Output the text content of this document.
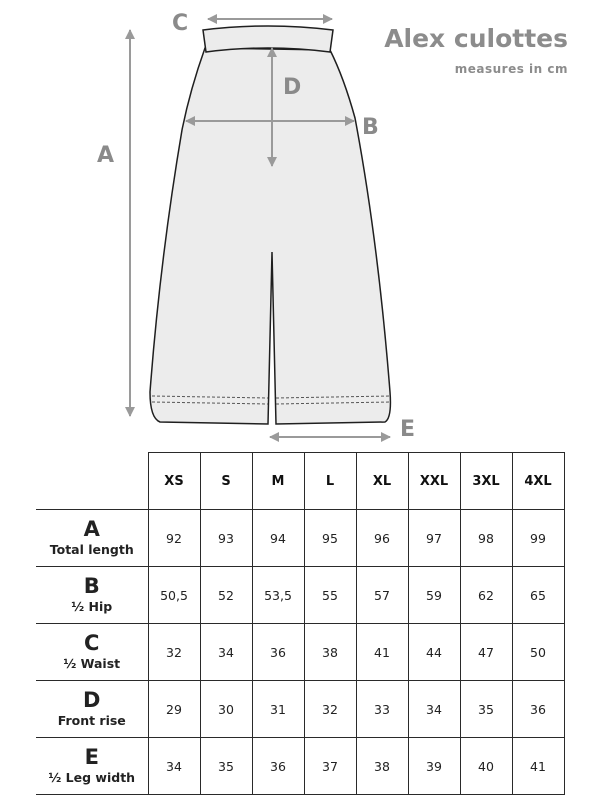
A
B
C
D
E
Alex culottes
measures in cm
	XS	S	M	L	XL	XXL	3XL	4XL

A
Total length	92	93	94	95	96	97	98	99

B
½ Hip	50,5	52	53,5	55	57	59	62	65

C
½ Waist	32	34	36	38	41	44	47	50

D
Front rise	29	30	31	32	33	34	35	36

E
½ Leg width	34	35	36	37	38	39	40	41
